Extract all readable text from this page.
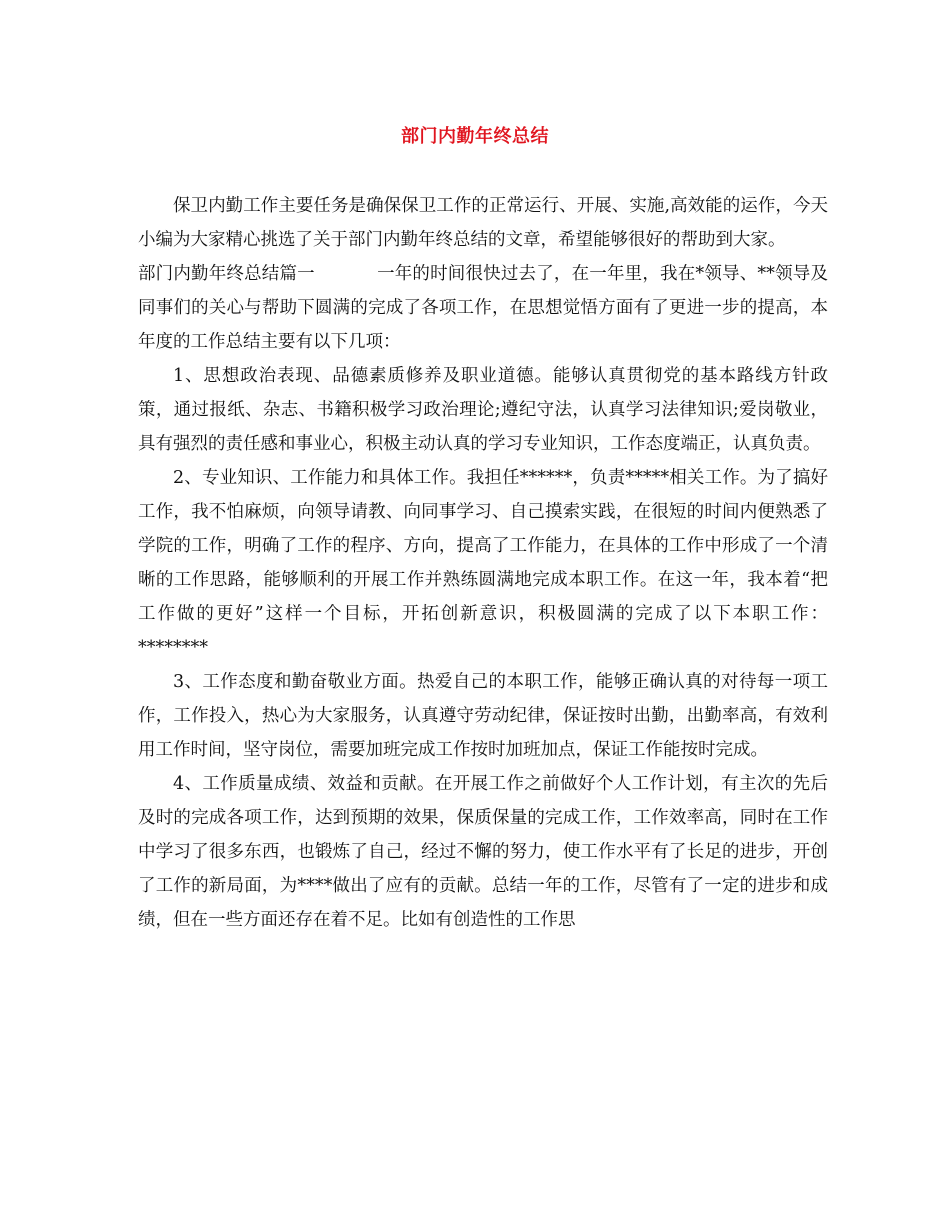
部门内勤年终总结

保卫内勤工作主要任务是确保保卫工作的正常运行、开展、实施,高效能的运作，今天小编为大家精心挑选了关于部门内勤年终总结的文章，希望能够很好的帮助到大家。

部门内勤年终总结篇一	一年的时间很快过去了，在一年里，我在*领导、**领导及同事们的关心与帮助下圆满的完成了各项工作，在思想觉悟方面有了更进一步的提高，本年度的工作总结主要有以下几项：

1、思想政治表现、品德素质修养及职业道德。能够认真贯彻党的基本路线方针政策，通过报纸、杂志、书籍积极学习政治理论;遵纪守法，认真学习法律知识;爱岗敬业，具有强烈的责任感和事业心，积极主动认真的学习专业知识，工作态度端正，认真负责。

2、专业知识、工作能力和具体工作。我担任******，负责*****相关工作。为了搞好工作，我不怕麻烦，向领导请教、向同事学习、自己摸索实践，在很短的时间内便熟悉了学院的工作，明确了工作的程序、方向，提高了工作能力，在具体的工作中形成了一个清晰的工作思路，能够顺利的开展工作并熟练圆满地完成本职工作。在这一年，我本着“把工作做的更好”这样一个目标，开拓创新意识，积极圆满的完成了以下本职工作：********

3、工作态度和勤奋敬业方面。热爱自己的本职工作，能够正确认真的对待每一项工作，工作投入，热心为大家服务，认真遵守劳动纪律，保证按时出勤，出勤率高，有效利用工作时间，坚守岗位，需要加班完成工作按时加班加点，保证工作能按时完成。

4、工作质量成绩、效益和贡献。在开展工作之前做好个人工作计划，有主次的先后及时的完成各项工作，达到预期的效果，保质保量的完成工作，工作效率高，同时在工作中学习了很多东西，也锻炼了自己，经过不懈的努力，使工作水平有了长足的进步，开创了工作的新局面，为****做出了应有的贡献。总结一年的工作，尽管有了一定的进步和成绩，但在一些方面还存在着不足。比如有创造性的工作思
